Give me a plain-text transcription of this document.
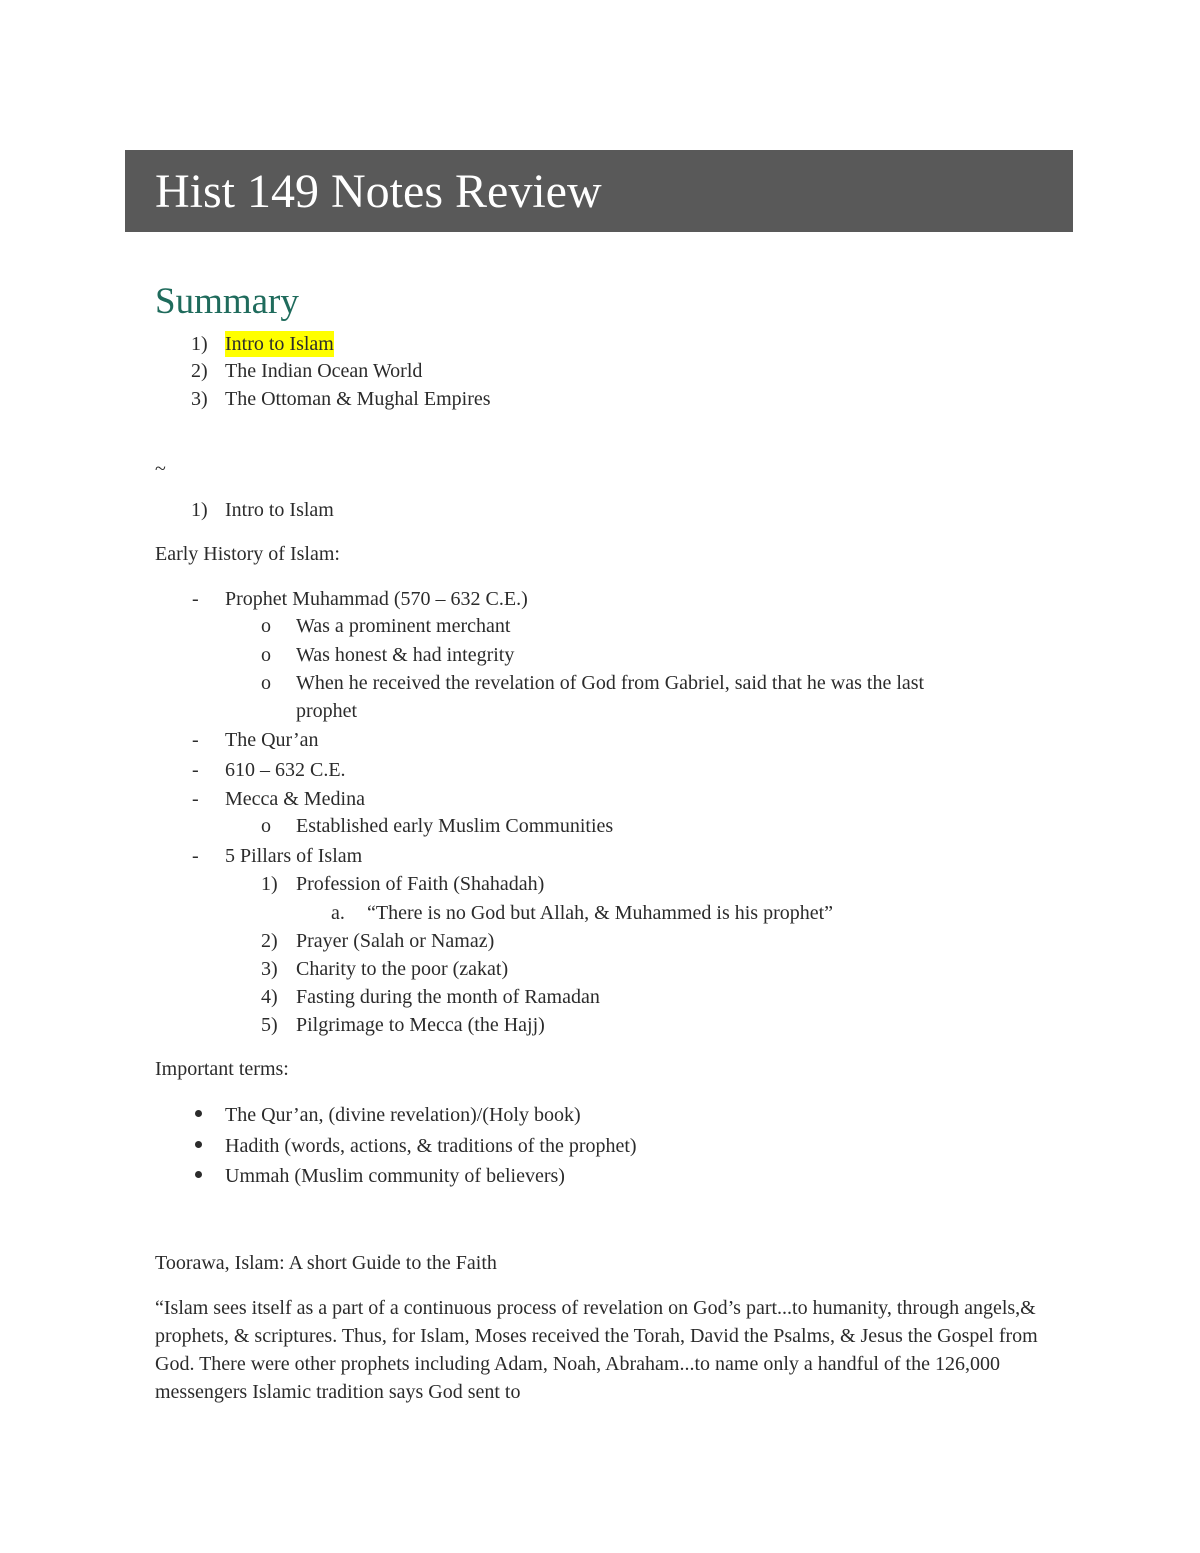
Hist 149 Notes Review
Summary
1) Intro to Islam
2) The Indian Ocean World
3) The Ottoman & Mughal Empires
~
1) Intro to Islam
Early History of Islam:
- Prophet Muhammad (570 – 632 C.E.)
o Was a prominent merchant
o Was honest & had integrity
o When he received the revelation of God from Gabriel, said that he was the last
prophet
- The Qur’an
- 610 – 632 C.E.
- Mecca & Medina
o Established early Muslim Communities
- 5 Pillars of Islam
1) Profession of Faith (Shahadah)
a. “There is no God but Allah, & Muhammed is his prophet”
2) Prayer (Salah or Namaz)
3) Charity to the poor (zakat)
4) Fasting during the month of Ramadan
5) Pilgrimage to Mecca (the Hajj)
Important terms:
The Qur’an, (divine revelation)/(Holy book)
Hadith (words, actions, & traditions of the prophet)
Ummah (Muslim community of believers)
Toorawa, Islam: A short Guide to the Faith
“Islam sees itself as a part of a continuous process of revelation on God’s part...to humanity, through angels,& prophets, & scriptures. Thus, for Islam, Moses received the Torah, David the Psalms, & Jesus the Gospel from God. There were other prophets including Adam, Noah, Abraham...to name only a handful of the 126,000 messengers Islamic tradition says God sent to
